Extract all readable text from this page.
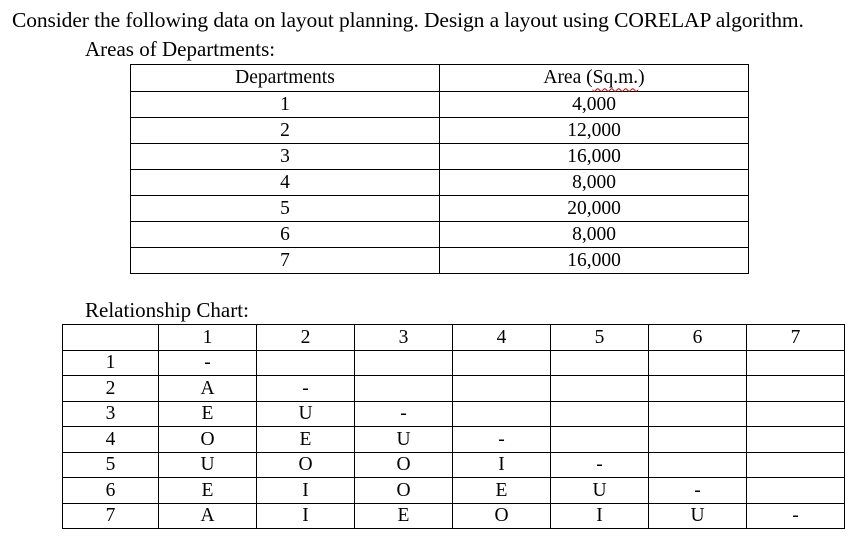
Consider the following data on layout planning. Design a layout using CORELAP algorithm.
Areas of Departments:
Departments	Area (Sq.m.)
1	4,000
2	12,000
3	16,000
4	8,000
5	20,000
6	8,000
7	16,000
Relationship Chart:
	1	2	3	4	5	6	7
1	-						
2	A	-					
3	E	U	-				
4	O	E	U	-			
5	U	O	O	I	-		
6	E	I	O	E	U	-	
7	A	I	E	O	I	U	-
